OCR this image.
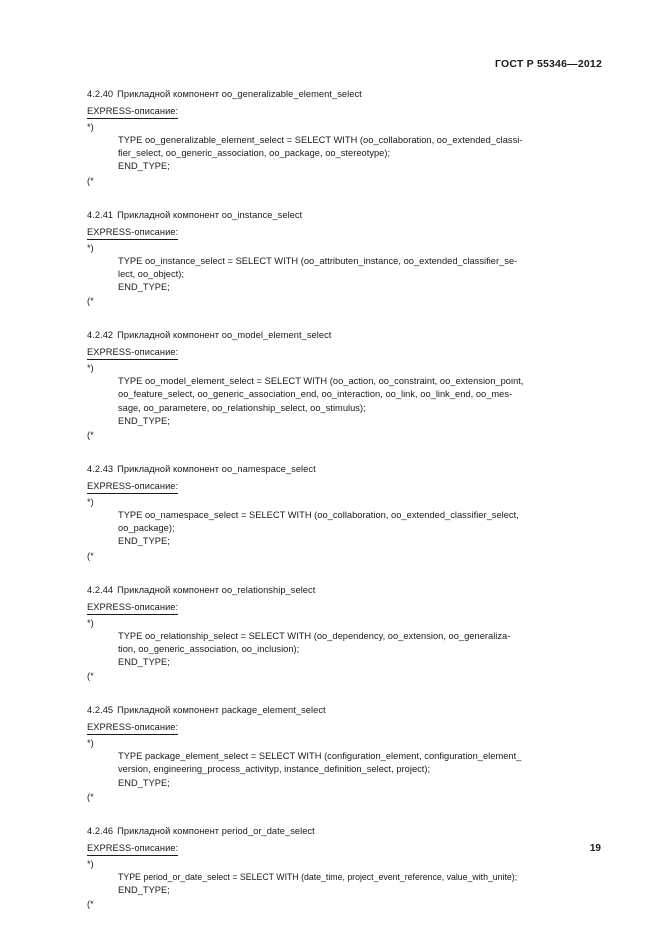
ГОСТ Р 55346—2012
4.2.40 Прикладной компонент oo_generalizable_element_select
EXPRESS-описание:
*)
TYPE oo_generalizable_element_select = SELECT WITH (oo_collaboration, oo_extended_classi-
fier_select, oo_generic_association, oo_package, oo_stereotype);
END_TYPE;
(*
4.2.41 Прикладной компонент oo_instance_select
EXPRESS-описание:
*)
TYPE oo_instance_select = SELECT WITH (oo_attributen_instance, oo_extended_classifier_se-
lect, oo_object);
END_TYPE;
(*
4.2.42 Прикладной компонент oo_model_element_select
EXPRESS-описание:
*)
TYPE oo_model_element_select = SELECT WITH (oo_action, oo_constraint, oo_extension_point,
oo_feature_select, oo_generic_association_end, oo_interaction, oo_link, oo_link_end, oo_mes-
sage, oo_parametere, oo_relationship_select, oo_stimulus);
END_TYPE;
(*
4.2.43 Прикладной компонент oo_namespace_select
EXPRESS-описание:
*)
TYPE oo_namespace_select = SELECT WITH (oo_collaboration, oo_extended_classifier_select,
oo_package);
END_TYPE;
(*
4.2.44 Прикладной компонент oo_relationship_select
EXPRESS-описание:
*)
TYPE oo_relationship_select = SELECT WITH (oo_dependency, oo_extension, oo_generaliza-
tion, oo_generic_association, oo_inclusion);
END_TYPE;
(*
4.2.45 Прикладной компонент package_element_select
EXPRESS-описание:
*)
TYPE package_element_select = SELECT WITH (configuration_element, configuration_element_
version, engineering_process_activityp, instance_definition_select, project);
END_TYPE;
(*
4.2.46 Прикладной компонент period_or_date_select
EXPRESS-описание:
*)
TYPE period_or_date_select = SELECT WITH (date_time, project_event_reference, value_with_unite);
END_TYPE;
(*
19
